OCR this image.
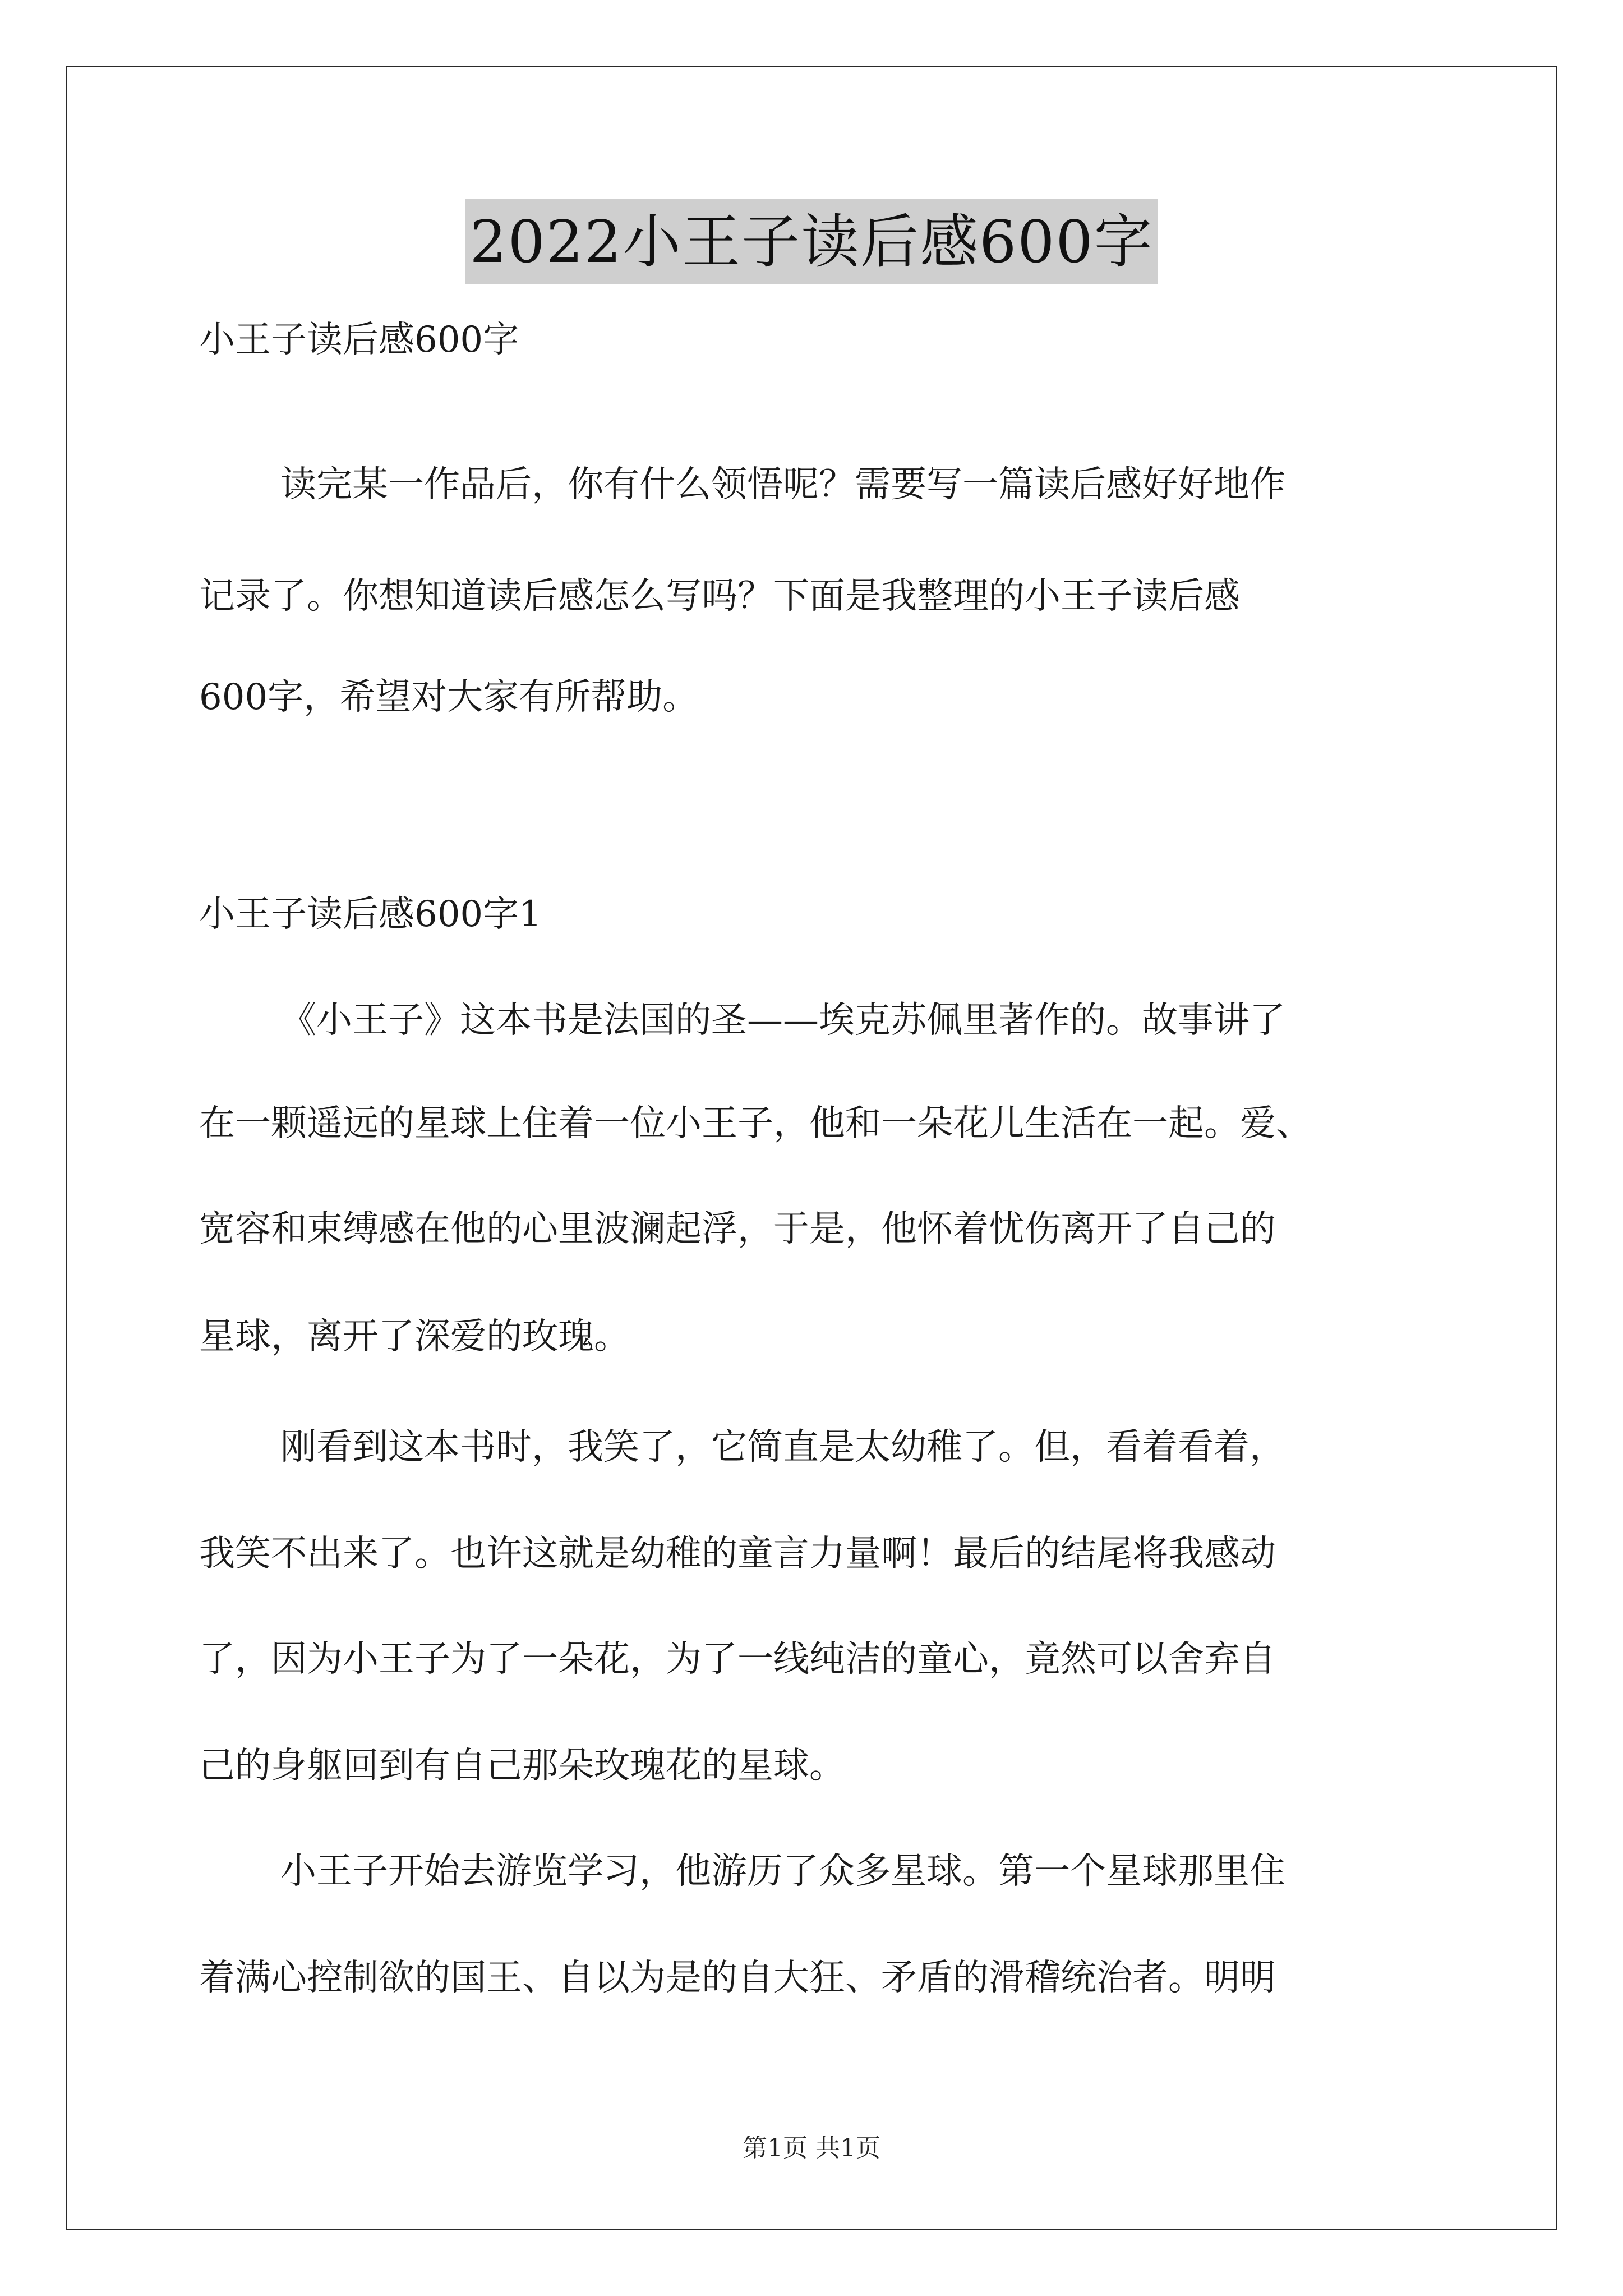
2022小王子读后感600字
小王子读后感600字
读完某一作品后，你有什么领悟呢？需要写一篇读后感好好地作
记录了。你想知道读后感怎么写吗？下面是我整理的小王子读后感
600字，希望对大家有所帮助。
小王子读后感600字1
《小王子》这本书是法国的圣——埃克苏佩里著作的。故事讲了
在一颗遥远的星球上住着一位小王子，他和一朵花儿生活在一起。爱、
宽容和束缚感在他的心里波澜起浮，于是，他怀着忧伤离开了自己的
星球，离开了深爱的玫瑰。
刚看到这本书时，我笑了，它简直是太幼稚了。但，看着看着，
我笑不出来了。也许这就是幼稚的童言力量啊！最后的结尾将我感动
了，因为小王子为了一朵花，为了一线纯洁的童心，竟然可以舍弃自
己的身躯回到有自己那朵玫瑰花的星球。
小王子开始去游览学习，他游历了众多星球。第一个星球那里住
着满心控制欲的国王、自以为是的自大狂、矛盾的滑稽统治者。明明
第1页 共1页
